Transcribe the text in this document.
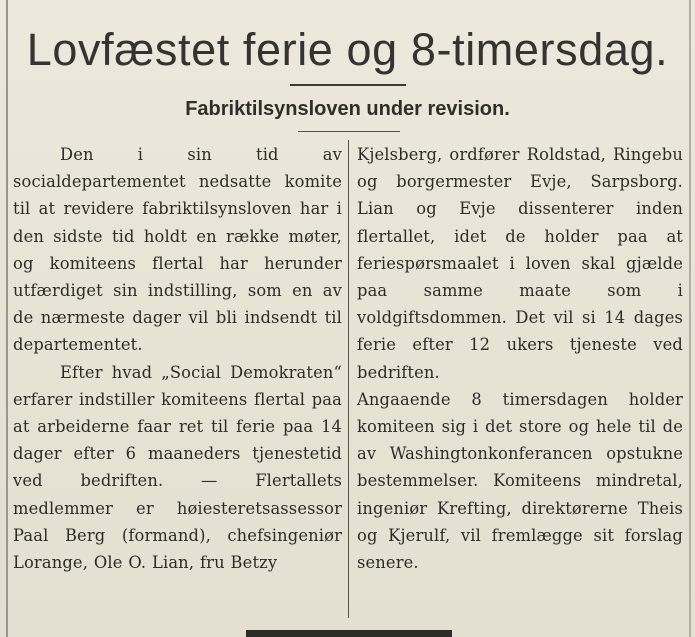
Lovfæstet ferie og 8-timersdag.
Fabriktilsynsloven under revision.

Den i sin tid av socialdepartementet nedsatte komite til at revidere fabriktilsynsloven har i den sidste tid holdt en række møter, og komiteens flertal har herunder utfærdiget sin indstilling, som en av de nærmeste dager vil bli indsendt til departementet.

Efter hvad „Social Demokraten“ erfarer indstiller komiteens flertal paa at arbeiderne faar ret til ferie paa 14 dager efter 6 maaneders tjenestetid ved bedriften. — Flertallets medlemmer er høiesteretsassessor Paal Berg (formand), chefsingeniør Lorange, Ole O. Lian, fru Betzy

Kjelsberg, ordfører Roldstad, Ringebu og borgermester Evje, Sarpsborg. Lian og Evje dissenterer inden flertallet, idet de holder paa at feriespørsmaalet i loven skal gjælde paa samme maate som i voldgiftsdommen. Det vil si 14 dages ferie efter 12 ukers tjeneste ved bedriften.

Angaaende 8 timersdagen holder komiteen sig i det store og hele til de av Washingtonkonferancen opstukne bestemmelser. Komiteens mindretal, ingeniør Krefting, direktørerne Theis og Kjerulf, vil fremlægge sit forslag senere.
